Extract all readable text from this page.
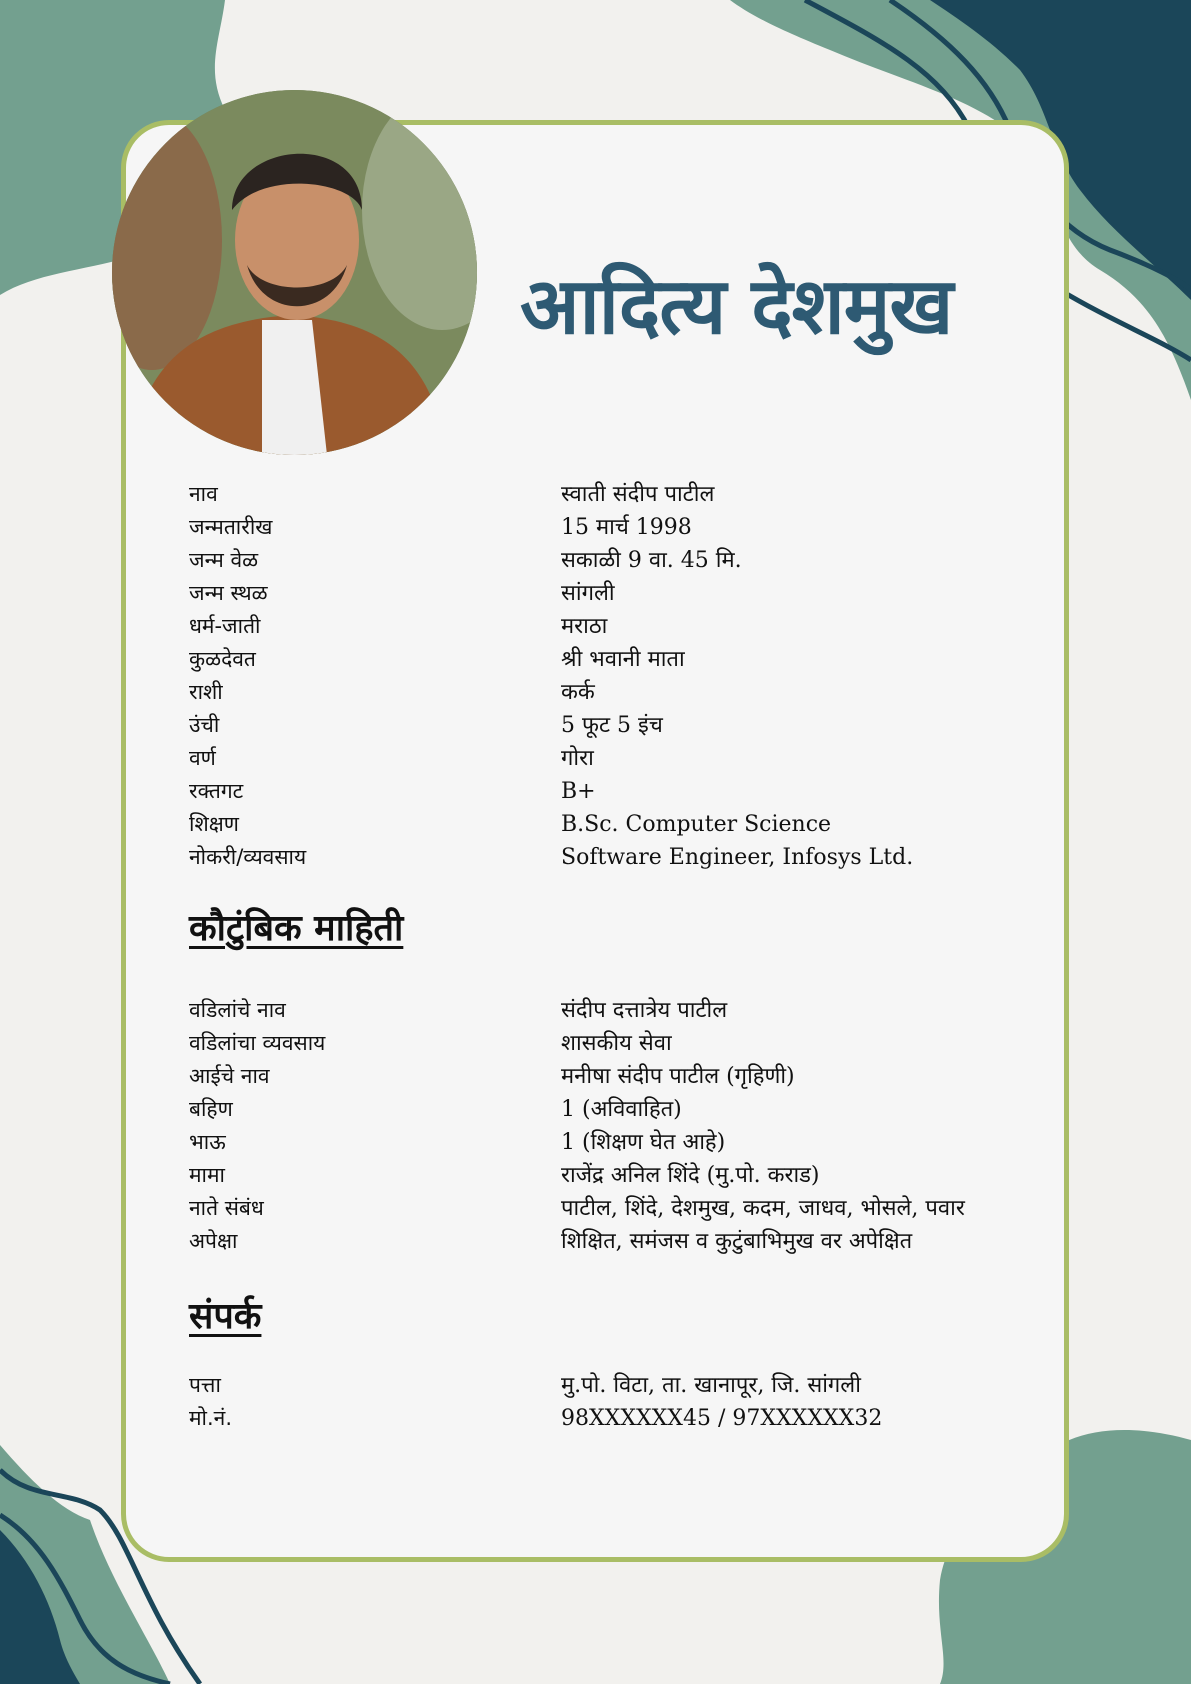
आदित्य देशमुख
नाव	स्वाती संदीप पाटील
जन्मतारीख	15 मार्च 1998
जन्म वेळ	सकाळी 9 वा. 45 मि.
जन्म स्थळ	सांगली
धर्म-जाती	मराठा
कुळदेवत	श्री भवानी माता
राशी	कर्क
उंची	5 फूट 5 इंच
वर्ण	गोरा
रक्तगट	B+
शिक्षण	B.Sc. Computer Science
नोकरी/व्यवसाय	Software Engineer, Infosys Ltd.
कौटुंबिक माहिती
वडिलांचे नाव	संदीप दत्तात्रेय पाटील
वडिलांचा व्यवसाय	शासकीय सेवा
आईचे नाव	मनीषा संदीप पाटील (गृहिणी)
बहिण	1 (अविवाहित)
भाऊ	1 (शिक्षण घेत आहे)
मामा	राजेंद्र अनिल शिंदे (मु.पो. कराड)
नाते संबंध	पाटील, शिंदे, देशमुख, कदम, जाधव, भोसले, पवार
अपेक्षा	शिक्षित, समंजस व कुटुंबाभिमुख वर अपेक्षित
संपर्क
पत्ता	मु.पो. विटा, ता. खानापूर, जि. सांगली
मो.नं.	98XXXXXX45 / 97XXXXXX32
